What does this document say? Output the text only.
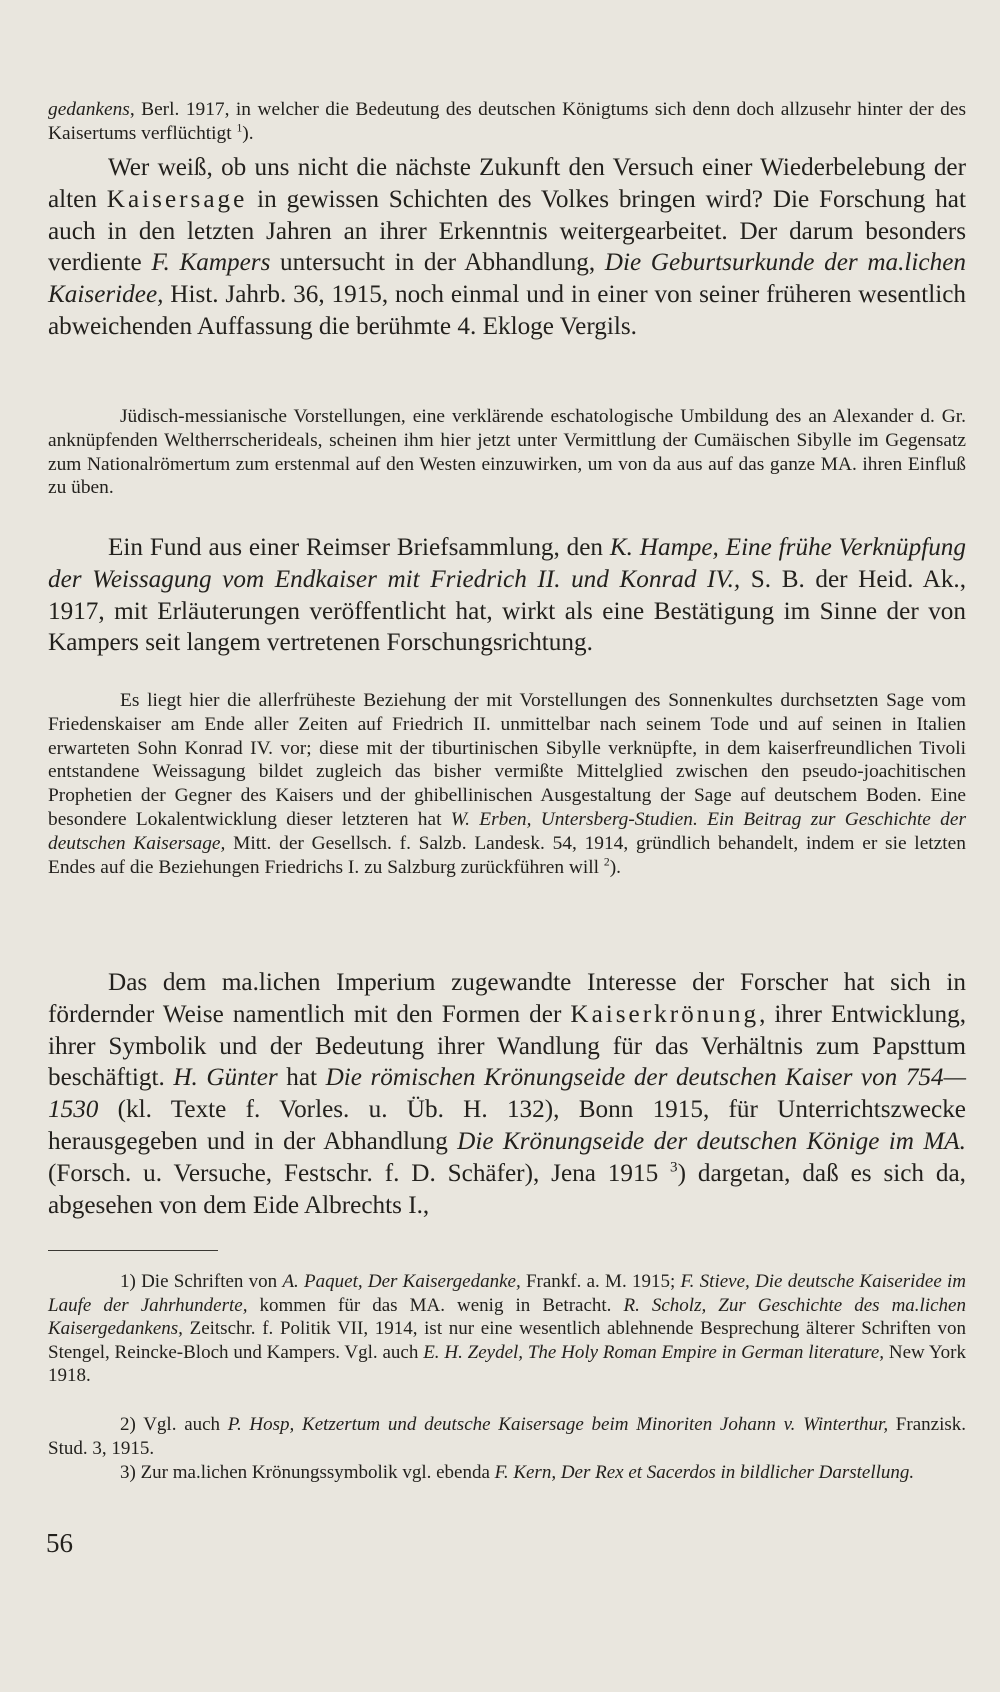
gedankens, Berl. 1917, in welcher die Bedeutung des deutschen Königtums sich denn doch allzusehr hinter der des Kaisertums verflüchtigt $^1$).

Wer weiß, ob uns nicht die nächste Zukunft den Versuch einer Wiederbelebung der alten Kaisersage in gewissen Schichten des Volkes bringen wird? Die Forschung hat auch in den letzten Jahren an ihrer Erkenntnis weitergearbeitet. Der darum besonders verdiente F. Kampers untersucht in der Abhandlung, Die Geburtsurkunde der ma.lichen Kaiseridee, Hist. Jahrb. 36, 1915, noch einmal und in einer von seiner früheren wesentlich abweichenden Auffassung die berühmte 4. Ekloge Vergils.

Jüdisch-messianische Vorstellungen, eine verklärende eschatologische Umbildung des an Alexander d. Gr. anknüpfenden Weltherrscherideals, scheinen ihm hier jetzt unter Vermittlung der Cumäischen Sibylle im Gegensatz zum Nationalrömertum zum erstenmal auf den Westen einzuwirken, um von da aus auf das ganze MA. ihren Einfluß zu üben.

Ein Fund aus einer Reimser Briefsammlung, den K. Hampe, Eine frühe Verknüpfung der Weissagung vom Endkaiser mit Friedrich II. und Konrad IV., S. B. der Heid. Ak., 1917, mit Erläuterungen veröffentlicht hat, wirkt als eine Bestätigung im Sinne der von Kampers seit langem vertretenen Forschungsrichtung.

Es liegt hier die allerfrüheste Beziehung der mit Vorstellungen des Sonnenkultes durchsetzten Sage vom Friedenskaiser am Ende aller Zeiten auf Friedrich II. unmittelbar nach seinem Tode und auf seinen in Italien erwarteten Sohn Konrad IV. vor; diese mit der tiburtinischen Sibylle verknüpfte, in dem kaiserfreundlichen Tivoli entstandene Weissagung bildet zugleich das bisher vermißte Mittelglied zwischen den pseudo-joachitischen Prophetien der Gegner des Kaisers und der ghibellinischen Ausgestaltung der Sage auf deutschem Boden. Eine besondere Lokalentwicklung dieser letzteren hat W. Erben, Untersberg-Studien. Ein Beitrag zur Geschichte der deutschen Kaisersage, Mitt. der Gesellsch. f. Salzb. Landesk. 54, 1914, gründlich behandelt, indem er sie letzten Endes auf die Beziehungen Friedrichs I. zu Salzburg zurückführen will $^2$).

Das dem ma.lichen Imperium zugewandte Interesse der Forscher hat sich in fördernder Weise namentlich mit den Formen der Kaiserkrönung, ihrer Entwicklung, ihrer Symbolik und der Bedeutung ihrer Wandlung für das Verhältnis zum Papsttum beschäftigt. H. Günter hat Die römischen Krönungseide der deutschen Kaiser von 754—1530 (kl. Texte f. Vorles. u. Üb. H. 132), Bonn 1915, für Unterrichtszwecke herausgegeben und in der Abhandlung Die Krönungseide der deutschen Könige im MA. (Forsch. u. Versuche, Festschr. f. D. Schäfer), Jena 1915 $^3$) dargetan, daß es sich da, abgesehen von dem Eide Albrechts I.,

1) Die Schriften von A. Paquet, Der Kaisergedanke, Frankf. a. M. 1915; F. Stieve, Die deutsche Kaiseridee im Laufe der Jahrhunderte, kommen für das MA. wenig in Betracht. R. Scholz, Zur Geschichte des ma.lichen Kaisergedankens, Zeitschr. f. Politik VII, 1914, ist nur eine wesentlich ablehnende Besprechung älterer Schriften von Stengel, Reincke-Bloch und Kampers. Vgl. auch E. H. Zeydel, The Holy Roman Empire in German literature, New York 1918.

2) Vgl. auch P. Hosp, Ketzertum und deutsche Kaisersage beim Minoriten Johann v. Winterthur, Franzisk. Stud. 3, 1915.

3) Zur ma.lichen Krönungssymbolik vgl. ebenda F. Kern, Der Rex et Sacerdos in bildlicher Darstellung.

56
